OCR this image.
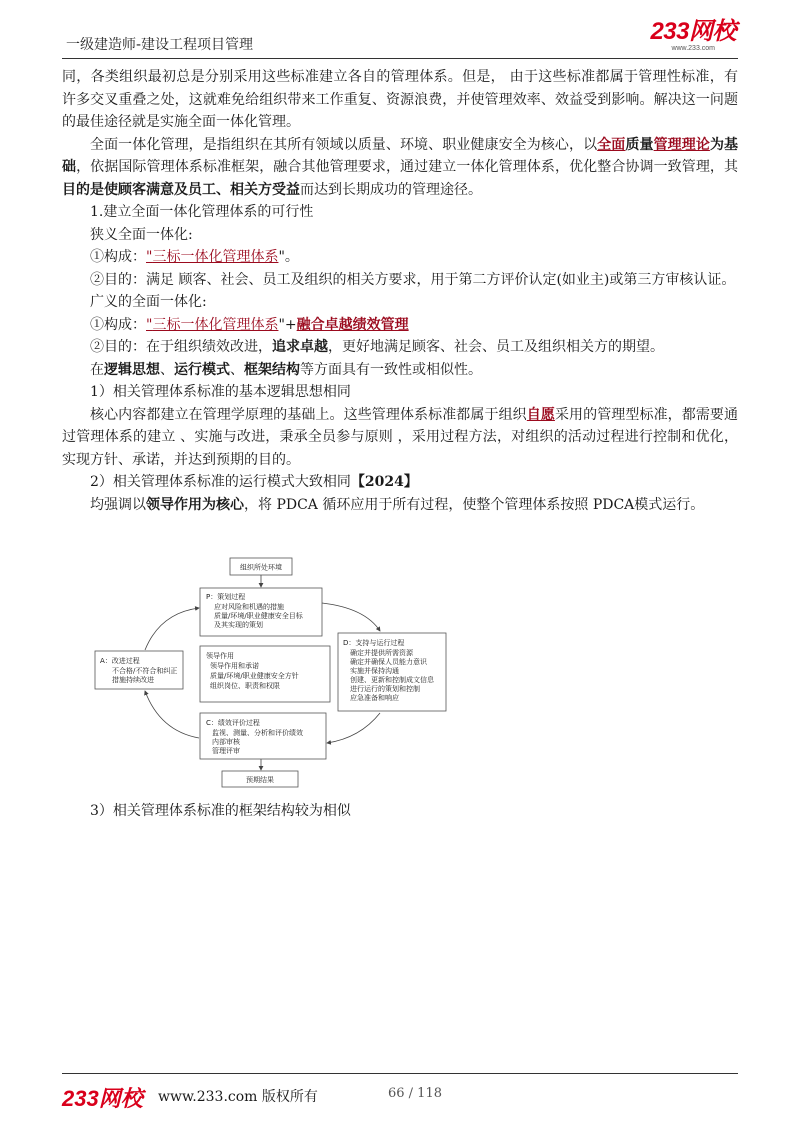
一级建造师-建设工程项目管理	233网校
www.233.com

同，各类组织最初总是分别采用这些标准建立各自的管理体系。但是， 由于这些标准都属于管理性标准，有许多交叉重叠之处，这就难免给组织带来工作重复、资源浪费，并使管理效率、效益受到影响。解决这一问题的最佳途径就是实施全面一体化管理。

全面一体化管理，是指组织在其所有领域以质量、环境、职业健康安全为核心，以全面质量管理理论为基础，依据国际管理体系标准框架，融合其他管理要求，通过建立一体化管理体系，优化整合协调一致管理，其目的是使顾客满意及员工、相关方受益而达到长期成功的管理途径。

1.建立全面一体化管理体系的可行性

狭义全面一体化:

①构成："三标一体化管理体系"。

②目的：满足 顾客、社会、员工及组织的相关方要求，用于第二方评价认定(如业主)或第三方审核认证。

广义的全面一体化:

①构成："三标一体化管理体系"+融合卓越绩效管理

②目的：在于组织绩效改进，追求卓越，更好地满足顾客、社会、员工及组织相关方的期望。

在逻辑思想、运行模式、框架结构等方面具有一致性或相似性。

1）相关管理体系标准的基本逻辑思想相同

核心内容都建立在管理学原理的基础上。这些管理体系标准都属于组织自愿采用的管理型标准，都需要通过管理体系的建立 、实施与改进，秉承全员参与原则 ，采用过程方法，对组织的活动过程进行控制和优化，实现方针、承诺，并达到预期的目的。

2）相关管理体系标准的运行模式大致相同【2024】

均强调以领导作用为核心，将 PDCA 循环应用于所有过程，使整个管理体系按照 PDCA模式运行。

组织所处环境
P：策划过程
应对风险和机遇的措施
质量/环境/职业健康安全目标
及其实现的策划
A：改进过程
不合格/不符合和纠正
措施持续改进
领导作用
领导作用和承诺
质量/环境/职业健康安全方针
组织岗位、职责和权限
D：支持与运行过程
确定并提供所需资源
确定并确保人员能力意识
实施并保持沟通
创建、更新和控制成文信息
进行运行的策划和控制
应急准备和响应
C：绩效评价过程
监视、测量、分析和评价绩效
内部审核
管理评审
预期结果
3）相关管理体系标准的框架结构较为相似
233网校 www.233.com 版权所有	66 / 118
